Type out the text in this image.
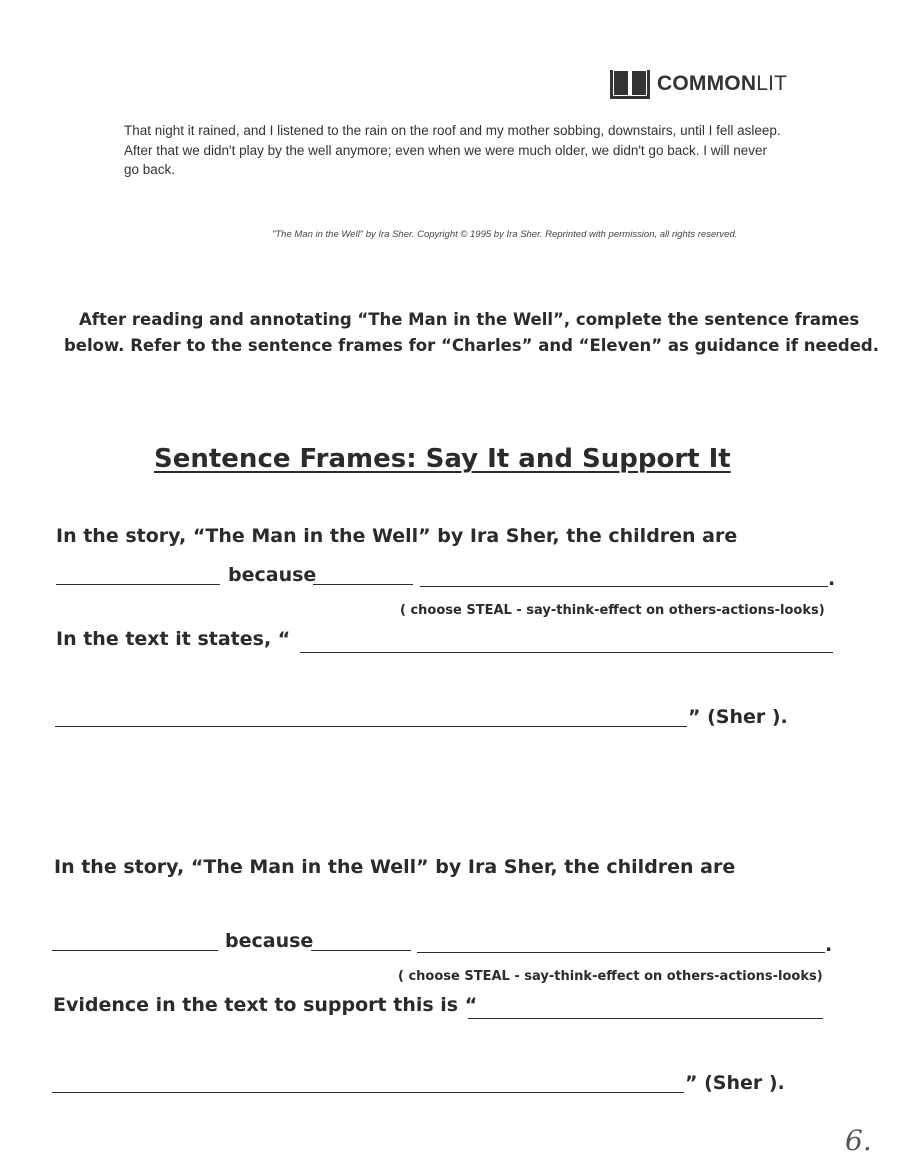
COMMONLIT
That night it rained, and I listened to the rain on the roof and my mother sobbing, downstairs, until I fell asleep. After that we didn't play by the well anymore; even when we were much older, we didn't go back. I will never go back.
"The Man in the Well" by Ira Sher. Copyright © 1995 by Ira Sher. Reprinted with permission, all rights reserved.
After reading and annotating “The Man in the Well”, complete the sentence frames
below. Refer to the sentence frames for “Charles” and “Eleven” as guidance if needed.
Sentence Frames: Say It and Support It
In the story, “The Man in the Well” by Ira Sher, the children are
because	.
( choose STEAL - say-think-effect on others-actions-looks)
In the text it states, “
” (Sher ).
In the story, “The Man in the Well” by Ira Sher, the children are
because	.
( choose STEAL - say-think-effect on others-actions-looks)
Evidence in the text to support this is “
” (Sher ).
6.
